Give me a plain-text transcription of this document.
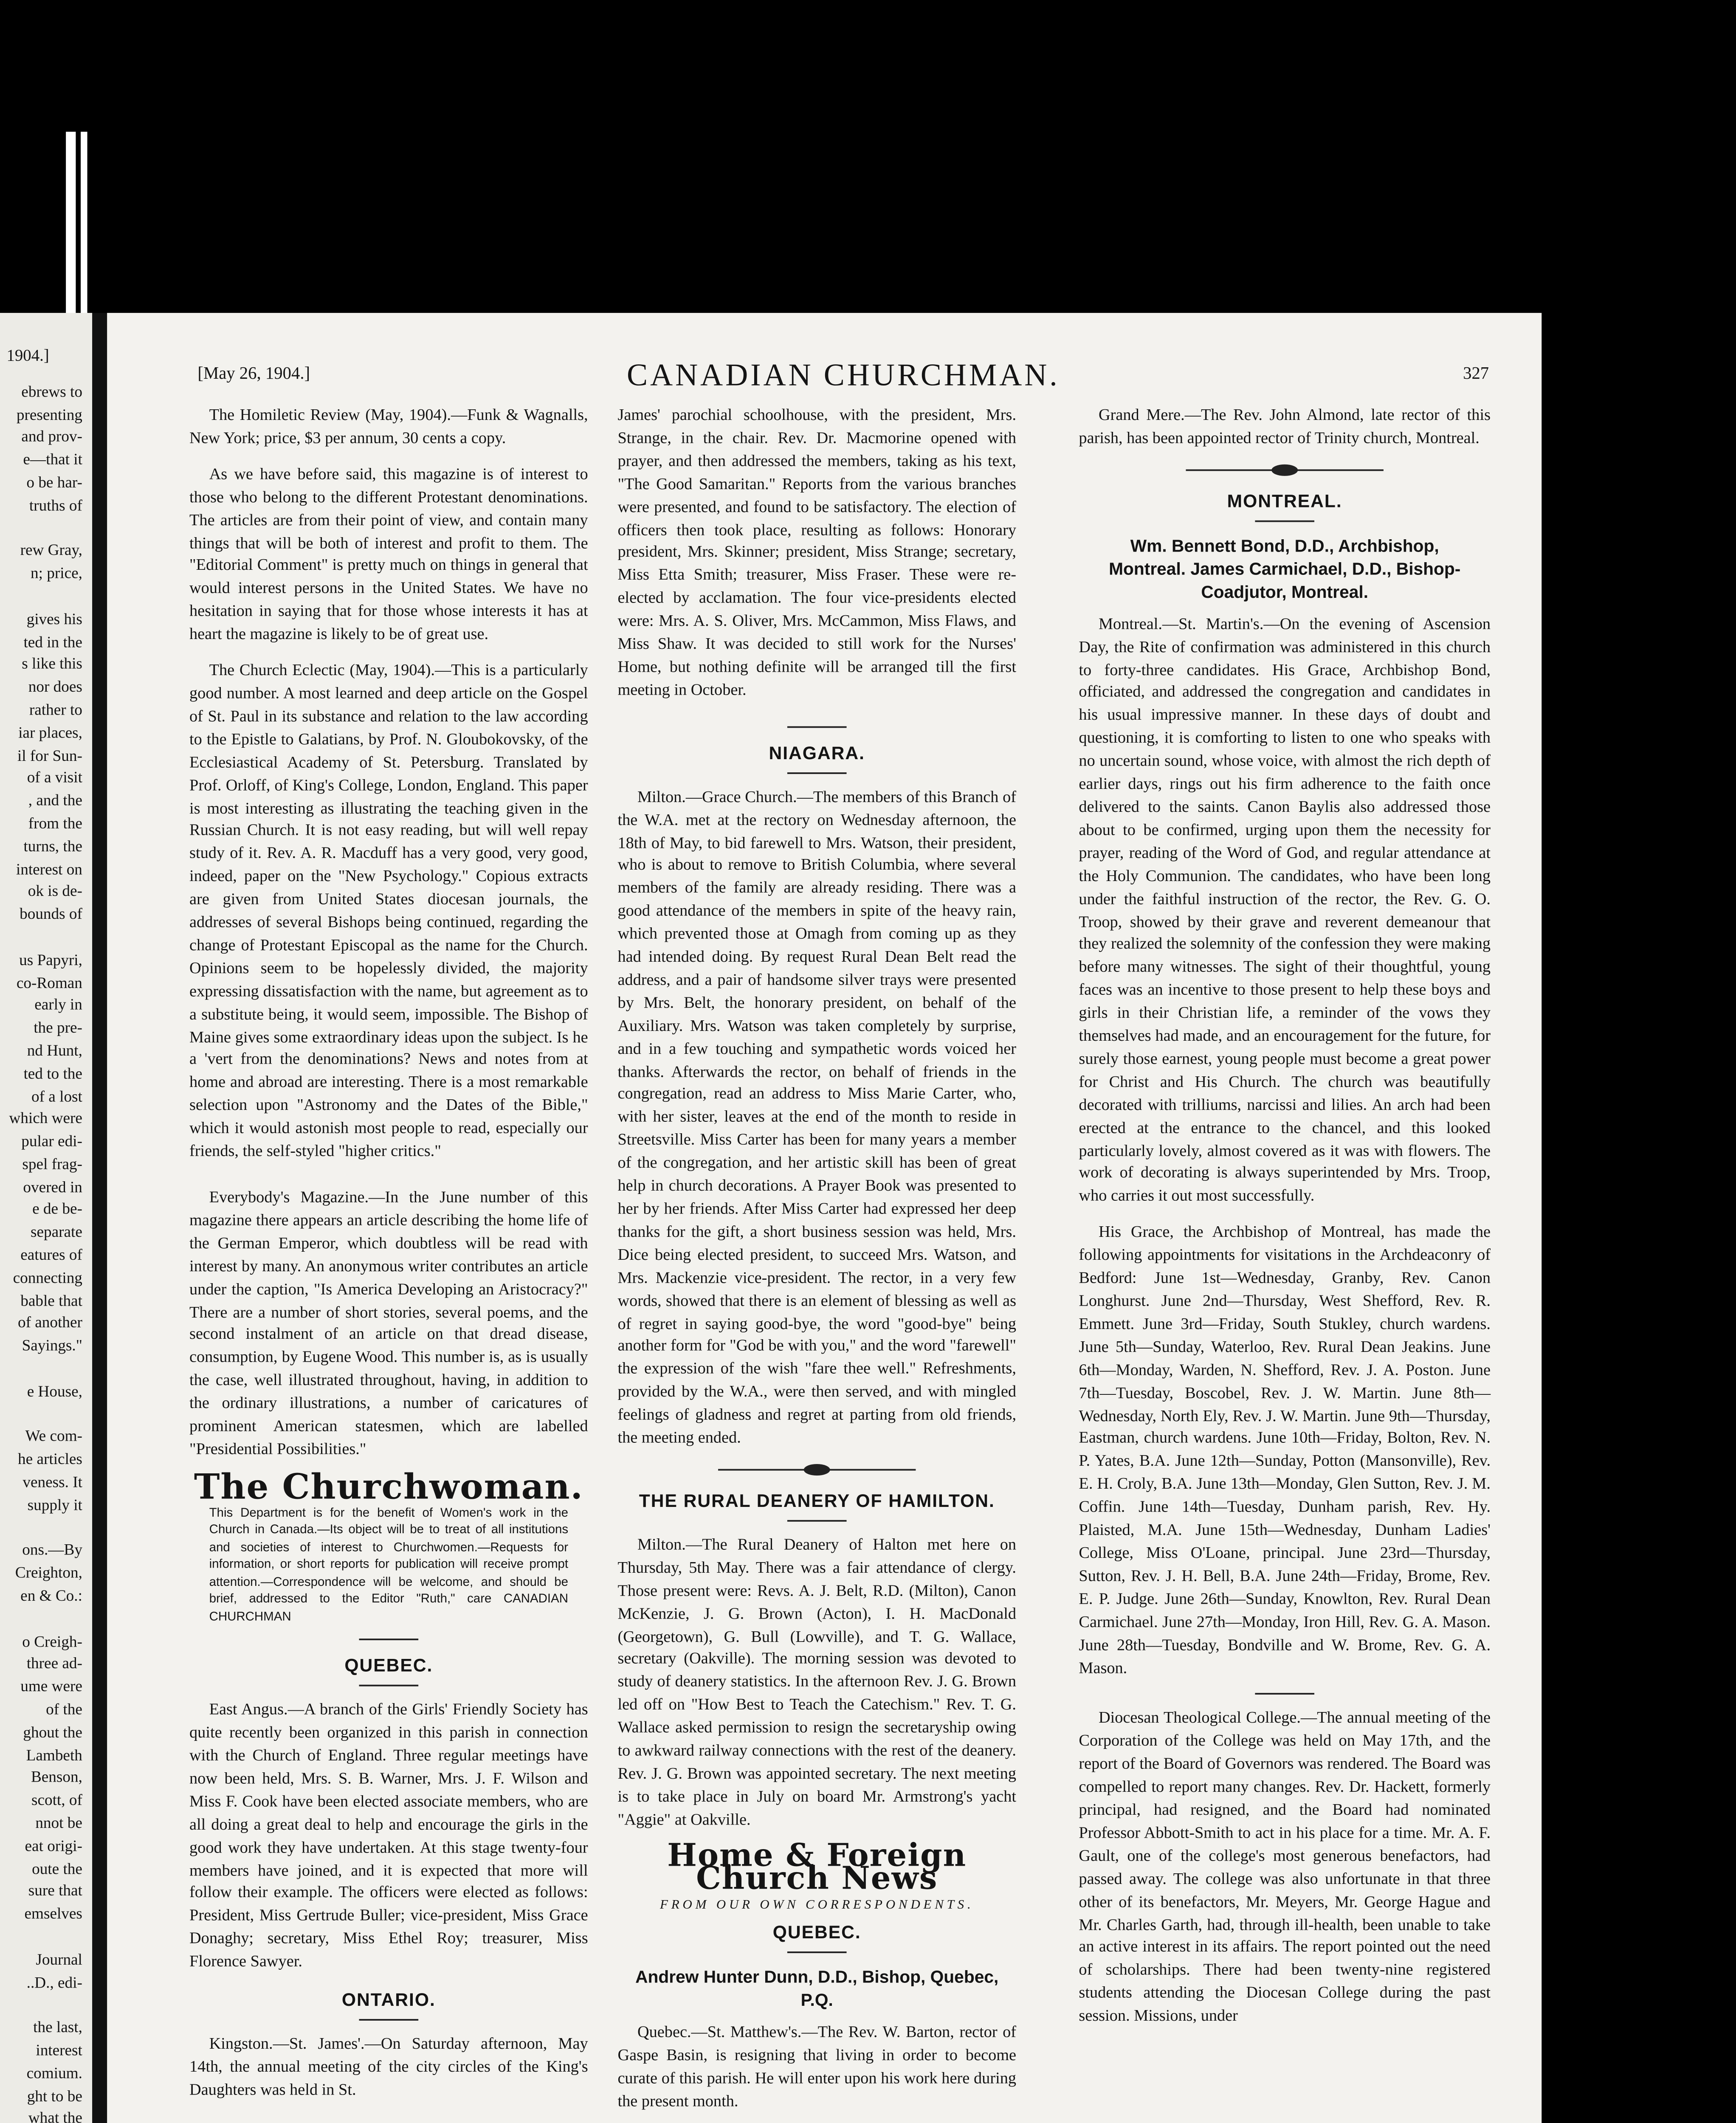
1904.]
ebrews to
presenting
and prov-
e—that it
o be har-
truths of
rew Gray,
n; price,
gives his
ted in the
s like this
nor does
rather to
iar places,
il for Sun-
of a visit
, and the
from the
turns, the
interest on
ok is de-
bounds of
us Papyri,
co-Roman
early in
the pre-
nd Hunt,
ted to the
of a lost
which were
pular edi-
spel frag-
overed in
e de be-
separate
eatures of
connecting
bable that
of another
Sayings."
e House,
We com-
he articles
veness. It
supply it
ons.—By
Creighton,
en & Co.:
o Creigh-
three ad-
ume were
of the
ghout the
Lambeth
Benson,
scott, of
nnot be
eat origi-
oute the
sure that
emselves
Journal
..D., edi-
the last,
interest
comium.
ght to be
what the
[May 26, 1904.]	CANADIAN CHURCHMAN.	327

The Homiletic Review (May, 1904).—Funk & Wagnalls, New York; price, $3 per annum, 30 cents a copy.

As we have before said, this magazine is of interest to those who belong to the different Protestant denominations. The articles are from their point of view, and contain many things that will be both of interest and profit to them. The "Editorial Comment" is pretty much on things in general that would interest persons in the United States. We have no hesitation in saying that for those whose interests it has at heart the magazine is likely to be of great use.

The Church Eclectic (May, 1904).—This is a particularly good number. A most learned and deep article on the Gospel of St. Paul in its substance and relation to the law according to the Epistle to Galatians, by Prof. N. Gloubokovsky, of the Ecclesiastical Academy of St. Petersburg. Translated by Prof. Orloff, of King's College, London, England. This paper is most interesting as illustrating the teaching given in the Russian Church. It is not easy reading, but will well repay study of it. Rev. A. R. Macduff has a very good, very good, indeed, paper on the "New Psychology." Copious extracts are given from United States diocesan journals, the addresses of several Bishops being continued, regarding the change of Protestant Episcopal as the name for the Church. Opinions seem to be hopelessly divided, the majority expressing dissatisfaction with the name, but agreement as to a substitute being, it would seem, impossible. The Bishop of Maine gives some extraordinary ideas upon the subject. Is he a 'vert from the denominations? News and notes from at home and abroad are interesting. There is a most remarkable selection upon "Astronomy and the Dates of the Bible," which it would astonish most people to read, especially our friends, the self-styled "higher critics."

Everybody's Magazine.—In the June number of this magazine there appears an article describing the home life of the German Emperor, which doubtless will be read with interest by many. An anonymous writer contributes an article under the caption, "Is America Developing an Aristocracy?" There are a number of short stories, several poems, and the second instalment of an article on that dread disease, consumption, by Eugene Wood. This number is, as is usually the case, well illustrated throughout, having, in addition to the ordinary illustrations, a number of caricatures of prominent American statesmen, which are labelled "Presidential Possibilities."

The Churchwoman.
This Department is for the benefit of Women's work in the Church in Canada.—Its object will be to treat of all institutions and societies of interest to Churchwomen.—Requests for information, or short reports for publication will receive prompt attention.—Correspondence will be welcome, and should be brief, addressed to the Editor "Ruth," care CANADIAN CHURCHMAN
QUEBEC.

East Angus.—A branch of the Girls' Friendly Society has quite recently been organized in this parish in connection with the Church of England. Three regular meetings have now been held, Mrs. S. B. Warner, Mrs. J. F. Wilson and Miss F. Cook have been elected associate members, who are all doing a great deal to help and encourage the girls in the good work they have undertaken. At this stage twenty-four members have joined, and it is expected that more will follow their example. The officers were elected as follows: President, Miss Gertrude Buller; vice-president, Miss Grace Donaghy; secretary, Miss Ethel Roy; treasurer, Miss Florence Sawyer.

ONTARIO.

Kingston.—St. James'.—On Saturday afternoon, May 14th, the annual meeting of the city circles of the King's Daughters was held in St.

James' parochial schoolhouse, with the president, Mrs. Strange, in the chair. Rev. Dr. Macmorine opened with prayer, and then addressed the members, taking as his text, "The Good Samaritan." Reports from the various branches were presented, and found to be satisfactory. The election of officers then took place, resulting as follows: Honorary president, Mrs. Skinner; president, Miss Strange; secretary, Miss Etta Smith; treasurer, Miss Fraser. These were re-elected by acclamation. The four vice-presidents elected were: Mrs. A. S. Oliver, Mrs. McCammon, Miss Flaws, and Miss Shaw. It was decided to still work for the Nurses' Home, but nothing definite will be arranged till the first meeting in October.

NIAGARA.

Milton.—Grace Church.—The members of this Branch of the W.A. met at the rectory on Wednesday afternoon, the 18th of May, to bid farewell to Mrs. Watson, their president, who is about to remove to British Columbia, where several members of the family are already residing. There was a good attendance of the members in spite of the heavy rain, which prevented those at Omagh from coming up as they had intended doing. By request Rural Dean Belt read the address, and a pair of handsome silver trays were presented by Mrs. Belt, the honorary president, on behalf of the Auxiliary. Mrs. Watson was taken completely by surprise, and in a few touching and sympathetic words voiced her thanks. Afterwards the rector, on behalf of friends in the congregation, read an address to Miss Marie Carter, who, with her sister, leaves at the end of the month to reside in Streetsville. Miss Carter has been for many years a member of the congregation, and her artistic skill has been of great help in church decorations. A Prayer Book was presented to her by her friends. After Miss Carter had expressed her deep thanks for the gift, a short business session was held, Mrs. Dice being elected president, to succeed Mrs. Watson, and Mrs. Mackenzie vice-president. The rector, in a very few words, showed that there is an element of blessing as well as of regret in saying good-bye, the word "good-bye" being another form for "God be with you," and the word "farewell" the expression of the wish "fare thee well." Refreshments, provided by the W.A., were then served, and with mingled feelings of gladness and regret at parting from old friends, the meeting ended.

THE RURAL DEANERY OF HAMILTON.

Milton.—The Rural Deanery of Halton met here on Thursday, 5th May. There was a fair attendance of clergy. Those present were: Revs. A. J. Belt, R.D. (Milton), Canon McKenzie, J. G. Brown (Acton), I. H. MacDonald (Georgetown), G. Bull (Lowville), and T. G. Wallace, secretary (Oakville). The morning session was devoted to study of deanery statistics. In the afternoon Rev. J. G. Brown led off on "How Best to Teach the Catechism." Rev. T. G. Wallace asked permission to resign the secretaryship owing to awkward railway connections with the rest of the deanery. Rev. J. G. Brown was appointed secretary. The next meeting is to take place in July on board Mr. Armstrong's yacht "Aggie" at Oakville.

Home & Foreign Church News
FROM OUR OWN CORRESPONDENTS.
QUEBEC.
Andrew Hunter Dunn, D.D., Bishop, Quebec, P.Q.

Quebec.—St. Matthew's.—The Rev. W. Barton, rector of Gaspe Basin, is resigning that living in order to become curate of this parish. He will enter upon his work here during the present month.

Grand Mere.—The Rev. John Almond, late rector of this parish, has been appointed rector of Trinity church, Montreal.

MONTREAL.
Wm. Bennett Bond, D.D., Archbishop, Montreal. James Carmichael, D.D., Bishop-Coadjutor, Montreal.

Montreal.—St. Martin's.—On the evening of Ascension Day, the Rite of confirmation was administered in this church to forty-three candidates. His Grace, Archbishop Bond, officiated, and addressed the congregation and candidates in his usual impressive manner. In these days of doubt and questioning, it is comforting to listen to one who speaks with no uncertain sound, whose voice, with almost the rich depth of earlier days, rings out his firm adherence to the faith once delivered to the saints. Canon Baylis also addressed those about to be confirmed, urging upon them the necessity for prayer, reading of the Word of God, and regular attendance at the Holy Communion. The candidates, who have been long under the faithful instruction of the rector, the Rev. G. O. Troop, showed by their grave and reverent demeanour that they realized the solemnity of the confession they were making before many witnesses. The sight of their thoughtful, young faces was an incentive to those present to help these boys and girls in their Christian life, a reminder of the vows they themselves had made, and an encouragement for the future, for surely those earnest, young people must become a great power for Christ and His Church. The church was beautifully decorated with trilliums, narcissi and lilies. An arch had been erected at the entrance to the chancel, and this looked particularly lovely, almost covered as it was with flowers. The work of decorating is always superintended by Mrs. Troop, who carries it out most successfully.

His Grace, the Archbishop of Montreal, has made the following appointments for visitations in the Archdeaconry of Bedford: June 1st—Wednesday, Granby, Rev. Canon Longhurst. June 2nd—Thursday, West Shefford, Rev. R. Emmett. June 3rd—Friday, South Stukley, church wardens. June 5th—Sunday, Waterloo, Rev. Rural Dean Jeakins. June 6th—Monday, Warden, N. Shefford, Rev. J. A. Poston. June 7th—Tuesday, Boscobel, Rev. J. W. Martin. June 8th—Wednesday, North Ely, Rev. J. W. Martin. June 9th—Thursday, Eastman, church wardens. June 10th—Friday, Bolton, Rev. N. P. Yates, B.A. June 12th—Sunday, Potton (Mansonville), Rev. E. H. Croly, B.A. June 13th—Monday, Glen Sutton, Rev. J. M. Coffin. June 14th—Tuesday, Dunham parish, Rev. Hy. Plaisted, M.A. June 15th—Wednesday, Dunham Ladies' College, Miss O'Loane, principal. June 23rd—Thursday, Sutton, Rev. J. H. Bell, B.A. June 24th—Friday, Brome, Rev. E. P. Judge. June 26th—Sunday, Knowlton, Rev. Rural Dean Carmichael. June 27th—Monday, Iron Hill, Rev. G. A. Mason. June 28th—Tuesday, Bondville and W. Brome, Rev. G. A. Mason.

Diocesan Theological College.—The annual meeting of the Corporation of the College was held on May 17th, and the report of the Board of Governors was rendered. The Board was compelled to report many changes. Rev. Dr. Hackett, formerly principal, had resigned, and the Board had nominated Professor Abbott-Smith to act in his place for a time. Mr. A. F. Gault, one of the college's most generous benefactors, had passed away. The college was also unfortunate in that three other of its benefactors, Mr. Meyers, Mr. George Hague and Mr. Charles Garth, had, through ill-health, been unable to take an active interest in its affairs. The report pointed out the need of scholarships. There had been twenty-nine registered students attending the Diocesan College during the past session. Missions, under
